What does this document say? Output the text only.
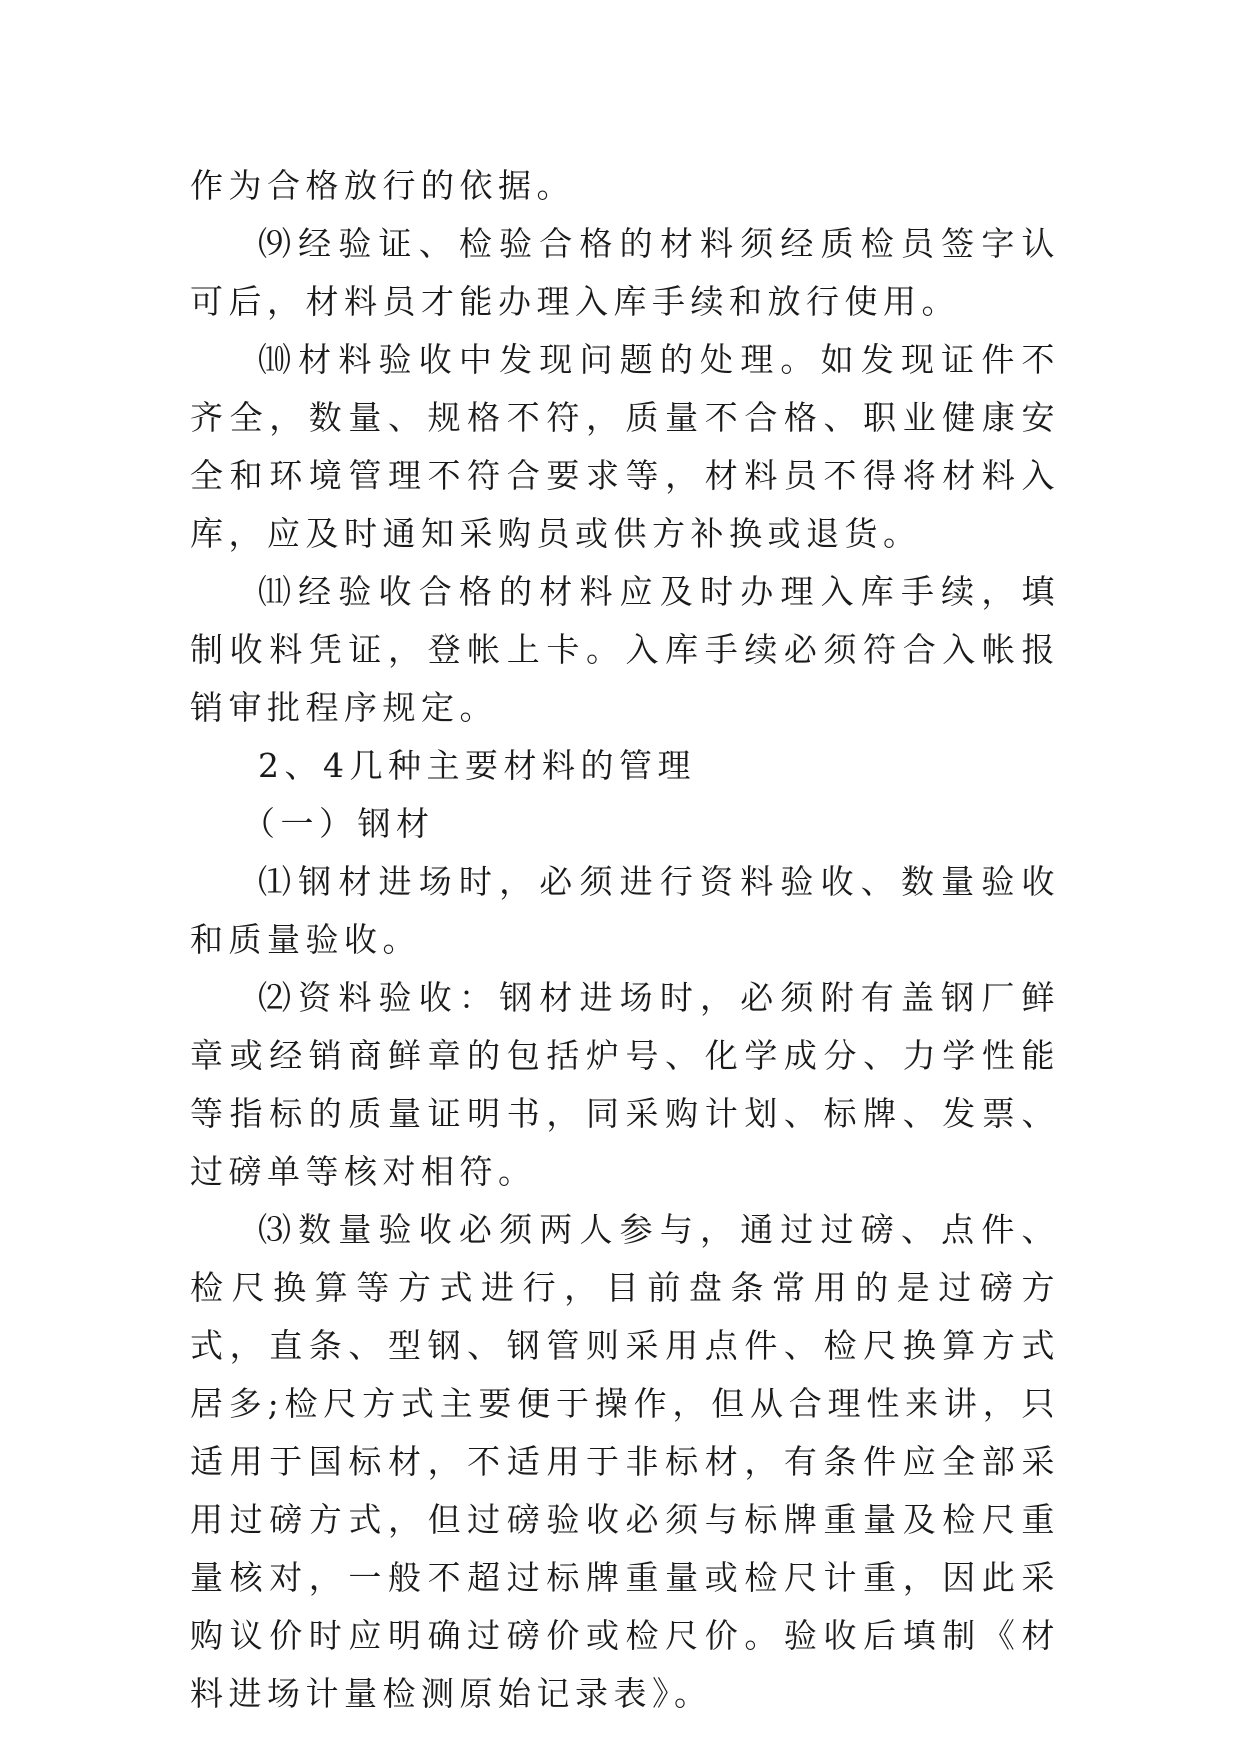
作为合格放行的依据。

⑼经验证、检验合格的材料须经质检员签字认可后，材料员才能办理入库手续和放行使用。

⑽材料验收中发现问题的处理。如发现证件不齐全，数量、规格不符，质量不合格、职业健康安全和环境管理不符合要求等，材料员不得将材料入库，应及时通知采购员或供方补换或退货。

⑾经验收合格的材料应及时办理入库手续，填制收料凭证，登帐上卡。入库手续必须符合入帐报销审批程序规定。

2、4几种主要材料的管理

（一）钢材

⑴钢材进场时，必须进行资料验收、数量验收和质量验收。

⑵资料验收：钢材进场时，必须附有盖钢厂鲜章或经销商鲜章的包括炉号、化学成分、力学性能等指标的质量证明书，同采购计划、标牌、发票、过磅单等核对相符。

⑶数量验收必须两人参与，通过过磅、点件、检尺换算等方式进行，目前盘条常用的是过磅方式，直条、型钢、钢管则采用点件、检尺换算方式居多;检尺方式主要便于操作，但从合理性来讲，只适用于国标材，不适用于非标材，有条件应全部采用过磅方式，但过磅验收必须与标牌重量及检尺重量核对，一般不超过标牌重量或检尺计重，因此采购议价时应明确过磅价或检尺价。验收后填制《材料进场计量检测原始记录表》。
